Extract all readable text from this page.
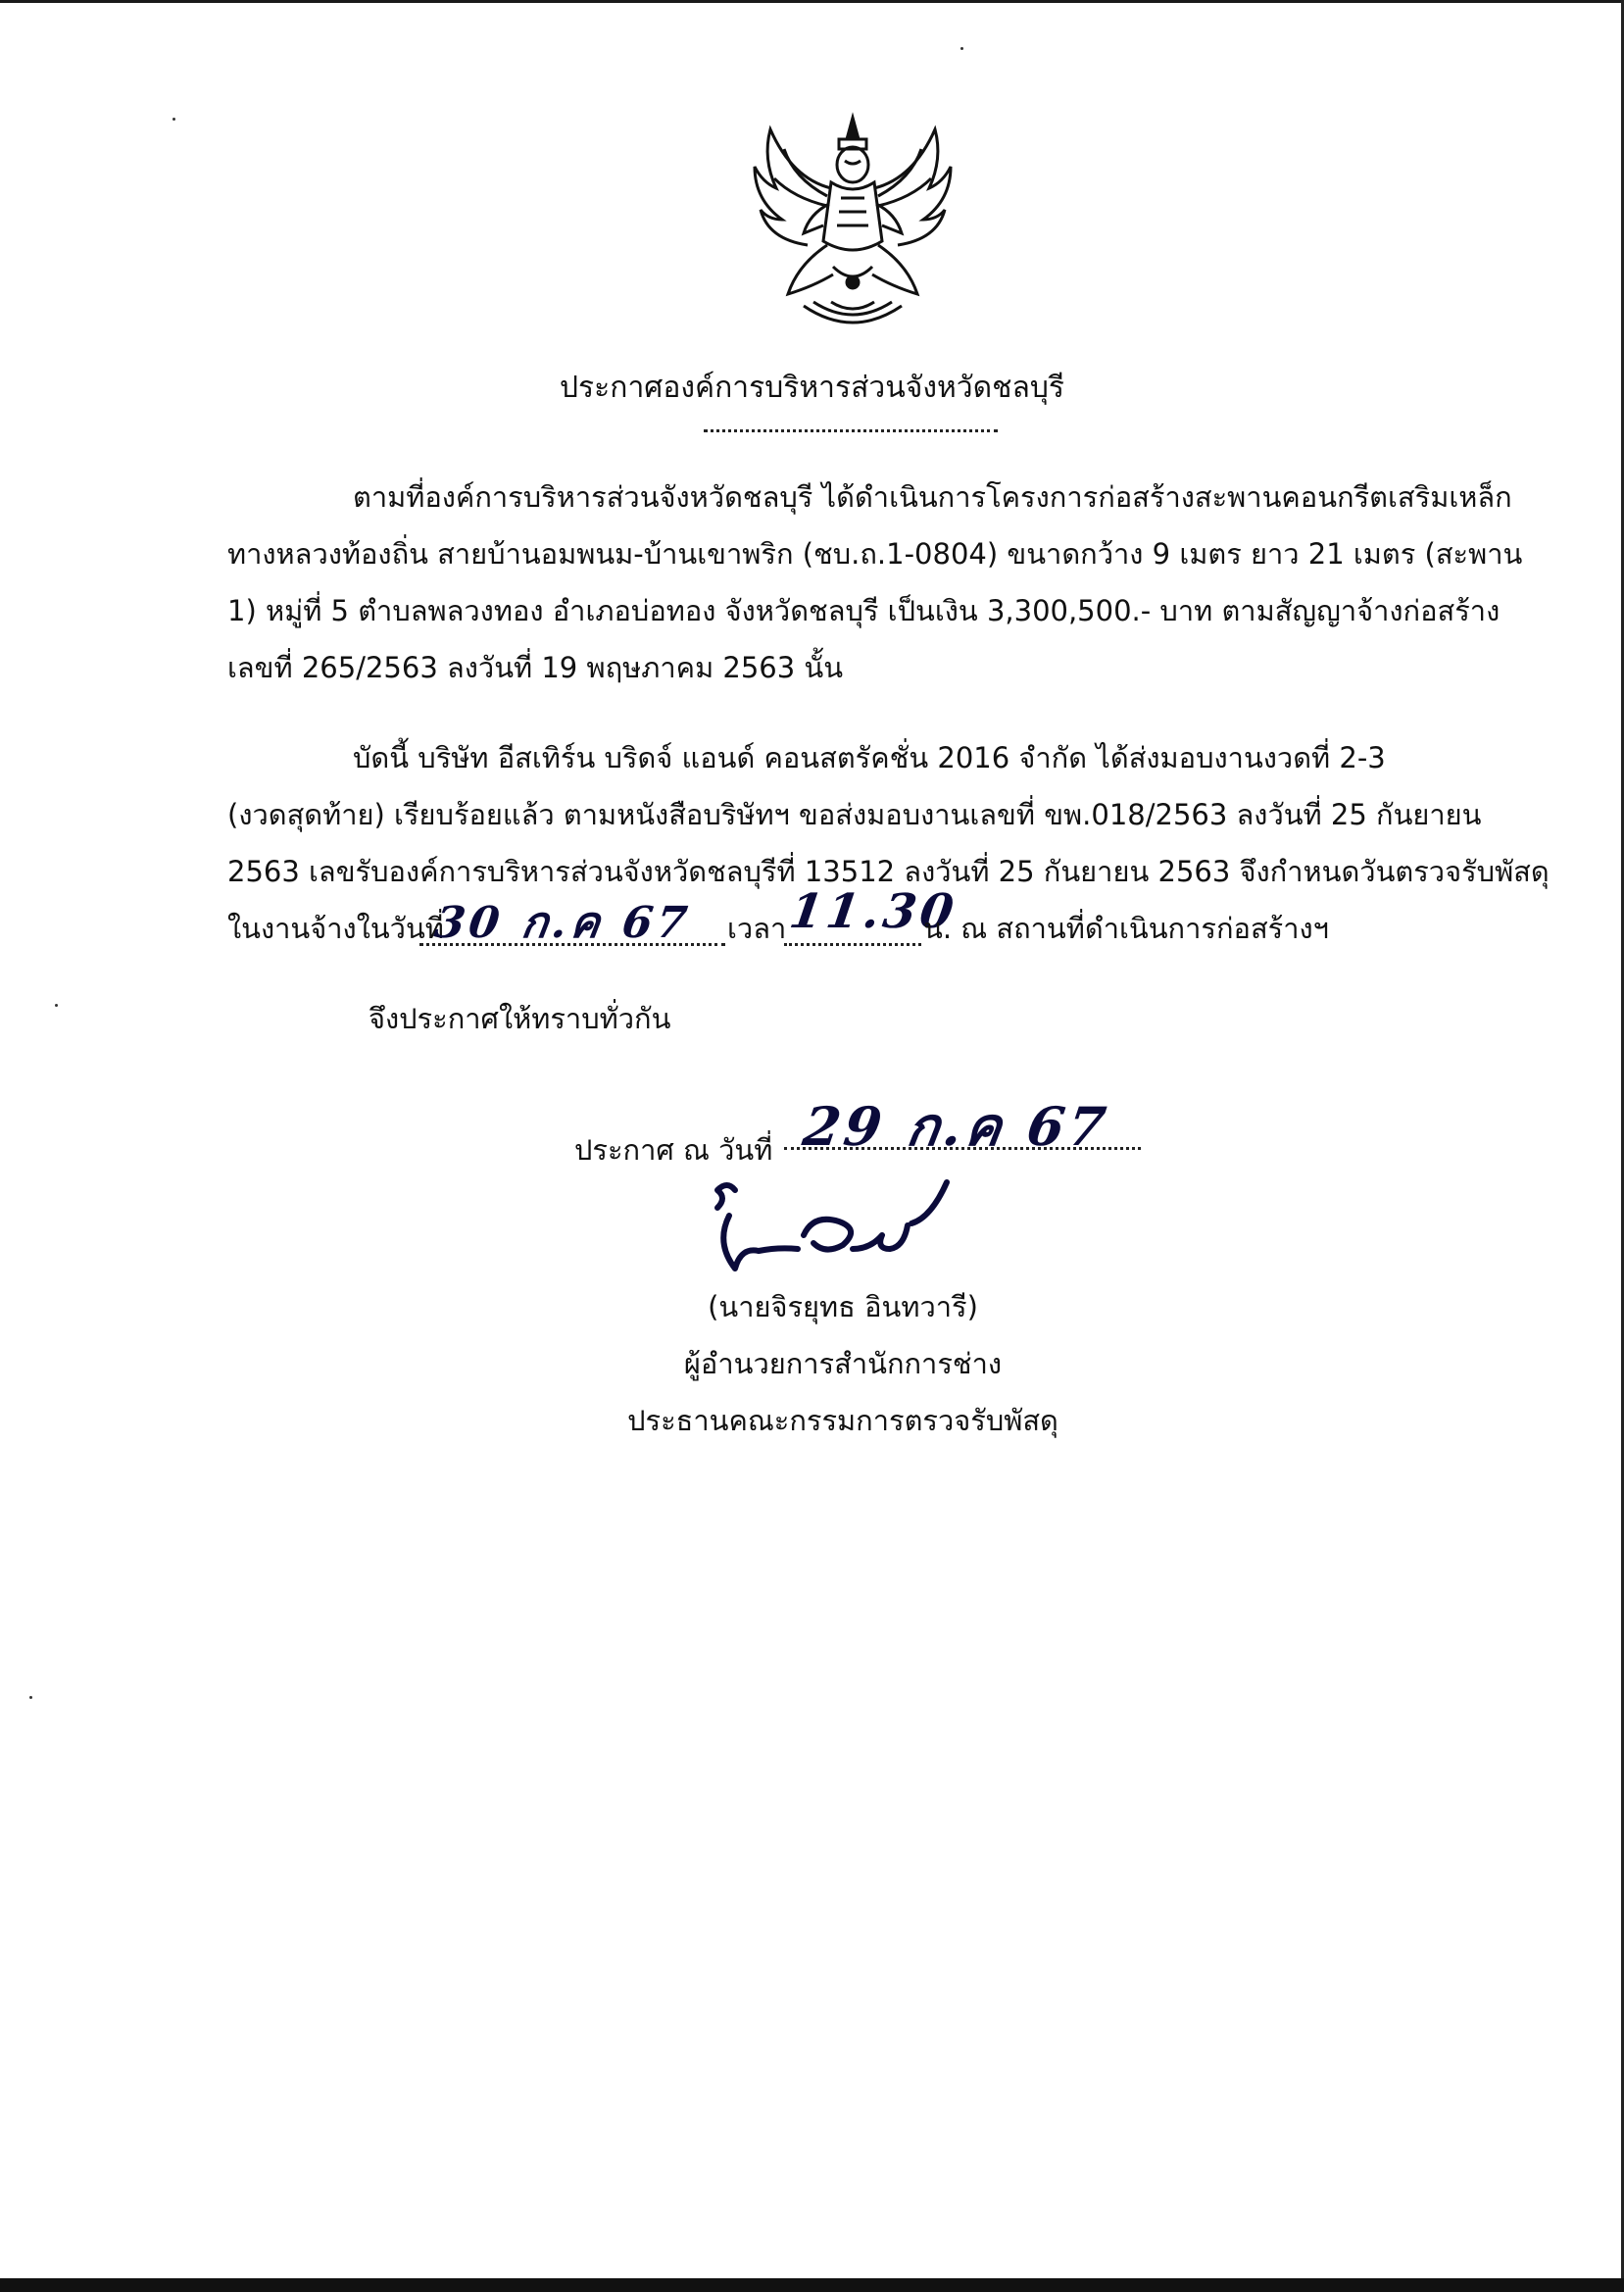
ประกาศองค์การบริหารส่วนจังหวัดชลบุรี
ตามที่องค์การบริหารส่วนจังหวัดชลบุรี ได้ดำเนินการโครงการก่อสร้างสะพานคอนกรีตเสริมเหล็ก
ทางหลวงท้องถิ่น สายบ้านอมพนม-บ้านเขาพริก (ชบ.ถ.1-0804) ขนาดกว้าง 9 เมตร ยาว 21 เมตร (สะพาน
1) หมู่ที่ 5 ตำบลพลวงทอง อำเภอบ่อทอง จังหวัดชลบุรี เป็นเงิน 3,300,500.- บาท ตามสัญญาจ้างก่อสร้าง
เลขที่ 265/2563 ลงวันที่ 19 พฤษภาคม 2563 นั้น
บัดนี้ บริษัท อีสเทิร์น บริดจ์ แอนด์ คอนสตรัคชั่น 2016 จำกัด ได้ส่งมอบงานงวดที่ 2-3
(งวดสุดท้าย) เรียบร้อยแล้ว ตามหนังสือบริษัทฯ ขอส่งมอบงานเลขที่ ขพ.018/2563 ลงวันที่ 25 กันยายน
2563 เลขรับองค์การบริหารส่วนจังหวัดชลบุรีที่ 13512 ลงวันที่ 25 กันยายน 2563 จึงกำหนดวันตรวจรับพัสดุ
ในงานจ้างในวันที่
30 ก.ค 67 เวลา 11.30
น. ณ สถานที่ดำเนินการก่อสร้างฯ
จึงประกาศให้ทราบทั่วกัน
ประกาศ ณ วันที่ 29 ก.ค 67
(นายจิรยุทธ อินทวารี)
ผู้อำนวยการสำนักการช่าง
ประธานคณะกรรมการตรวจรับพัสดุ
